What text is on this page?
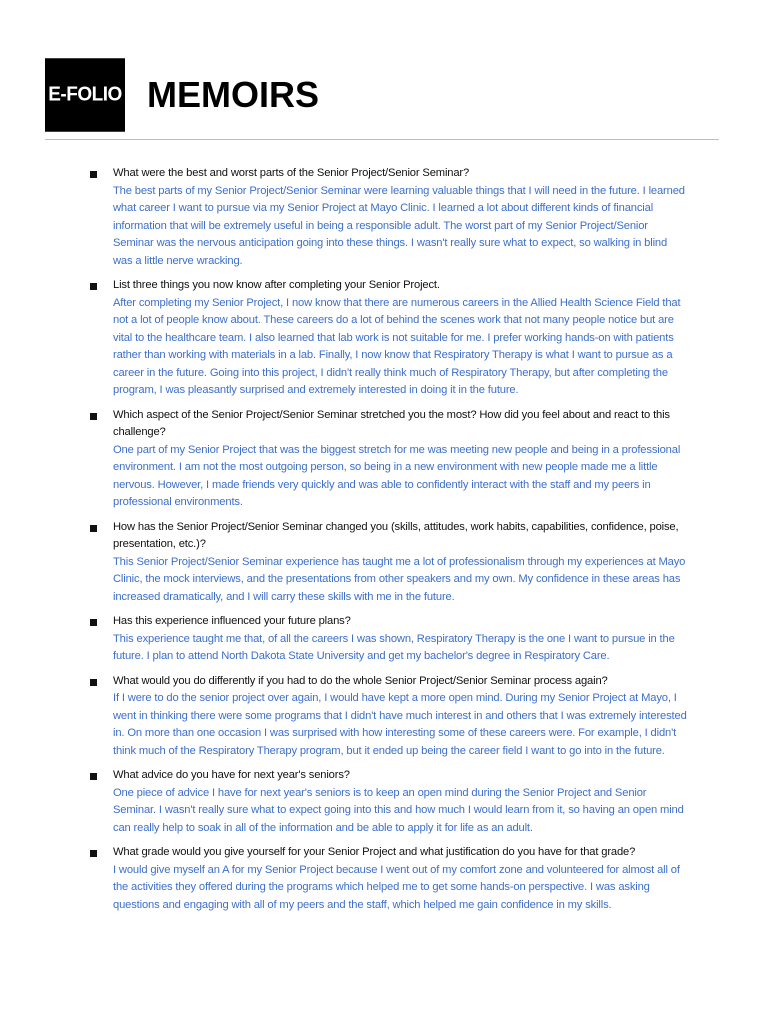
E-FOLIO MEMOIRS
What were the best and worst parts of the Senior Project/Senior Seminar?
The best parts of my Senior Project/Senior Seminar were learning valuable things that I will need in the future. I learned what career I want to pursue via my Senior Project at Mayo Clinic. I learned a lot about different kinds of financial information that will be extremely useful in being a responsible adult. The worst part of my Senior Project/Senior Seminar was the nervous anticipation going into these things. I wasn't really sure what to expect, so walking in blind was a little nerve wracking.
List three things you now know after completing your Senior Project.
After completing my Senior Project, I now know that there are numerous careers in the Allied Health Science Field that not a lot of people know about. These careers do a lot of behind the scenes work that not many people notice but are vital to the healthcare team. I also learned that lab work is not suitable for me. I prefer working hands-on with patients rather than working with materials in a lab. Finally, I now know that Respiratory Therapy is what I want to pursue as a career in the future. Going into this project, I didn't really think much of Respiratory Therapy, but after completing the program, I was pleasantly surprised and extremely interested in doing it in the future.
Which aspect of the Senior Project/Senior Seminar stretched you the most? How did you feel about and react to this challenge?
One part of my Senior Project that was the biggest stretch for me was meeting new people and being in a professional environment. I am not the most outgoing person, so being in a new environment with new people made me a little nervous. However, I made friends very quickly and was able to confidently interact with the staff and my peers in professional environments.
How has the Senior Project/Senior Seminar changed you (skills, attitudes, work habits, capabilities, confidence, poise, presentation, etc.)?
This Senior Project/Senior Seminar experience has taught me a lot of professionalism through my experiences at Mayo Clinic, the mock interviews, and the presentations from other speakers and my own. My confidence in these areas has increased dramatically, and I will carry these skills with me in the future.
Has this experience influenced your future plans?
This experience taught me that, of all the careers I was shown, Respiratory Therapy is the one I want to pursue in the future. I plan to attend North Dakota State University and get my bachelor's degree in Respiratory Care.
What would you do differently if you had to do the whole Senior Project/Senior Seminar process again?
If I were to do the senior project over again, I would have kept a more open mind. During my Senior Project at Mayo, I went in thinking there were some programs that I didn't have much interest in and others that I was extremely interested in. On more than one occasion I was surprised with how interesting some of these careers were. For example, I didn't think much of the Respiratory Therapy program, but it ended up being the career field I want to go into in the future.
What advice do you have for next year's seniors?
One piece of advice I have for next year's seniors is to keep an open mind during the Senior Project and Senior Seminar. I wasn't really sure what to expect going into this and how much I would learn from it, so having an open mind can really help to soak in all of the information and be able to apply it for life as an adult.
What grade would you give yourself for your Senior Project and what justification do you have for that grade?
I would give myself an A for my Senior Project because I went out of my comfort zone and volunteered for almost all of the activities they offered during the programs which helped me to get some hands-on perspective. I was asking questions and engaging with all of my peers and the staff, which helped me gain confidence in my skills.
